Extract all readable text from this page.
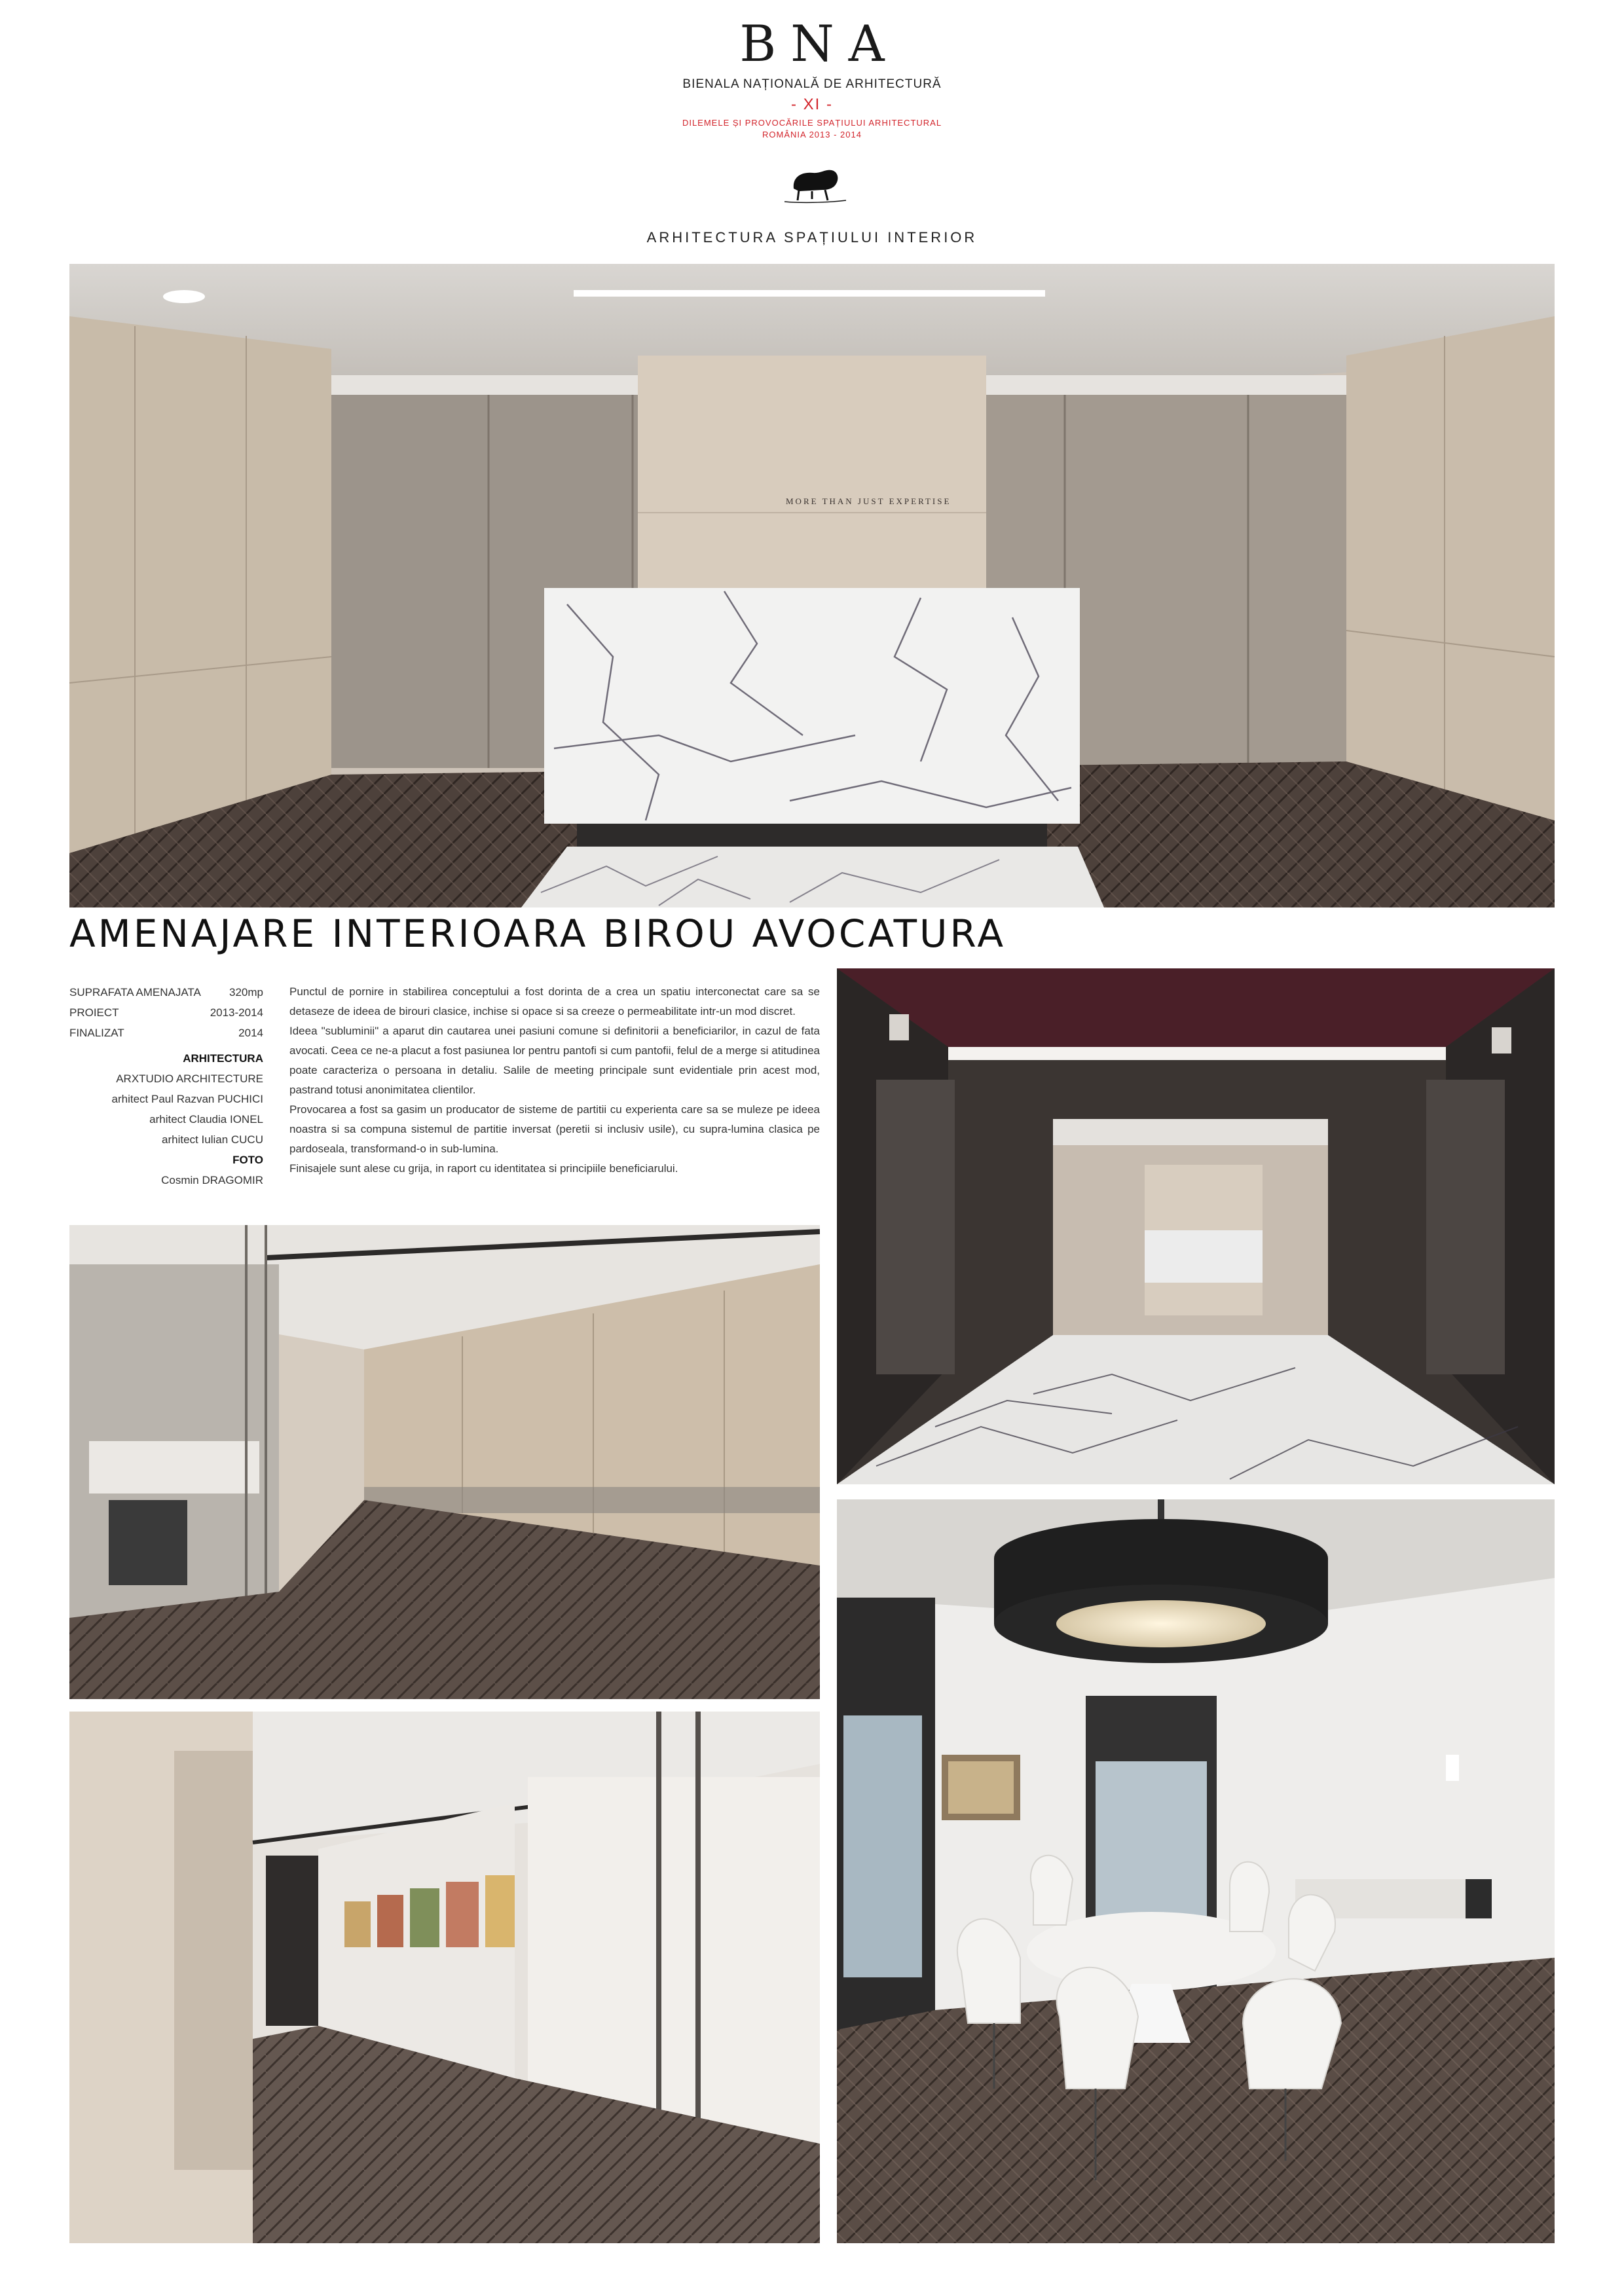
BNA
BIENALA NAȚIONALĂ DE ARHITECTURĂ
- XI -
DILEMELE ȘI PROVOCĂRILE SPAȚIULUI ARHITECTURAL
ROMÂNIA 2013 - 2014
ARHITECTURA SPAȚIULUI INTERIOR
MORE THAN JUST EXPERTISE
AMENAJARE INTERIOARA BIROU AVOCATURA
SUPRAFATA AMENAJATA	320mp
PROIECT	2013-2014
FINALIZAT	2014
ARHITECTURA
ARXTUDIO ARCHITECTURE
arhitect Paul Razvan PUCHICI
arhitect Claudia IONEL
arhitect Iulian CUCU
FOTO
Cosmin DRAGOMIR

Punctul de pornire in stabilirea conceptului a fost dorinta de a crea un spatiu interconectat care sa se detaseze de ideea de birouri clasice, inchise si opace si sa creeze o permeabilitate intr-un mod discret.

Ideea "subluminii" a aparut din cautarea unei pasiuni comune si definitorii a beneficiarilor, in cazul de fata avocati. Ceea ce ne-a placut a fost pasiunea lor pentru pantofi si cum pantofii, felul de a merge si atitudinea poate caracteriza o persoana in detaliu. Salile de meeting principale sunt evidentiale prin acest mod, pastrand totusi anonimitatea clientilor.

Provocarea a fost sa gasim un producator de sisteme de partitii cu experienta care sa se muleze pe ideea noastra si sa compuna sistemul de partitie inversat (peretii si inclusiv usile), cu supra-lumina clasica pe pardoseala, transformand-o in sub-lumina.

Finisajele sunt alese cu grija, in raport cu identitatea si principiile beneficiarului.
